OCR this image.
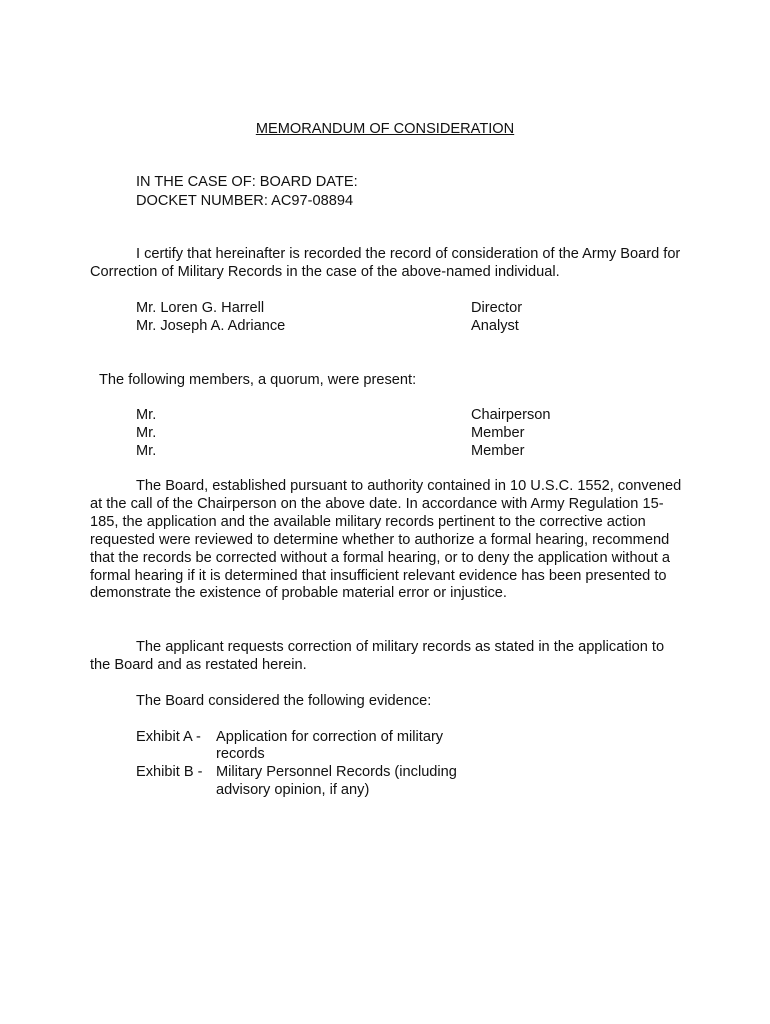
MEMORANDUM OF CONSIDERATION
IN THE CASE OF: BOARD DATE:
DOCKET NUMBER: AC97-08894
I certify that hereinafter is recorded the record of consideration of the Army Board for Correction of Military Records in the case of the above-named individual.
Mr. Loren G. Harrell	Director
Mr. Joseph A. Adriance	Analyst
The following members, a quorum, were present:
Mr.	Chairperson
Mr.	Member
Mr.	Member
The Board, established pursuant to authority contained in 10 U.S.C. 1552, convened at the call of the Chairperson on the above date. In accordance with Army Regulation 15-185, the application and the available military records pertinent to the corrective action requested were reviewed to determine whether to authorize a formal hearing, recommend that the records be corrected without a formal hearing, or to deny the application without a formal hearing if it is determined that insufficient relevant evidence has been presented to demonstrate the existence of probable material error or injustice.
The applicant requests correction of military records as stated in the application to the Board and as restated herein.
The Board considered the following evidence:
Exhibit A - Application for correction of military
records
Exhibit B - Military Personnel Records (including
advisory opinion, if any)
